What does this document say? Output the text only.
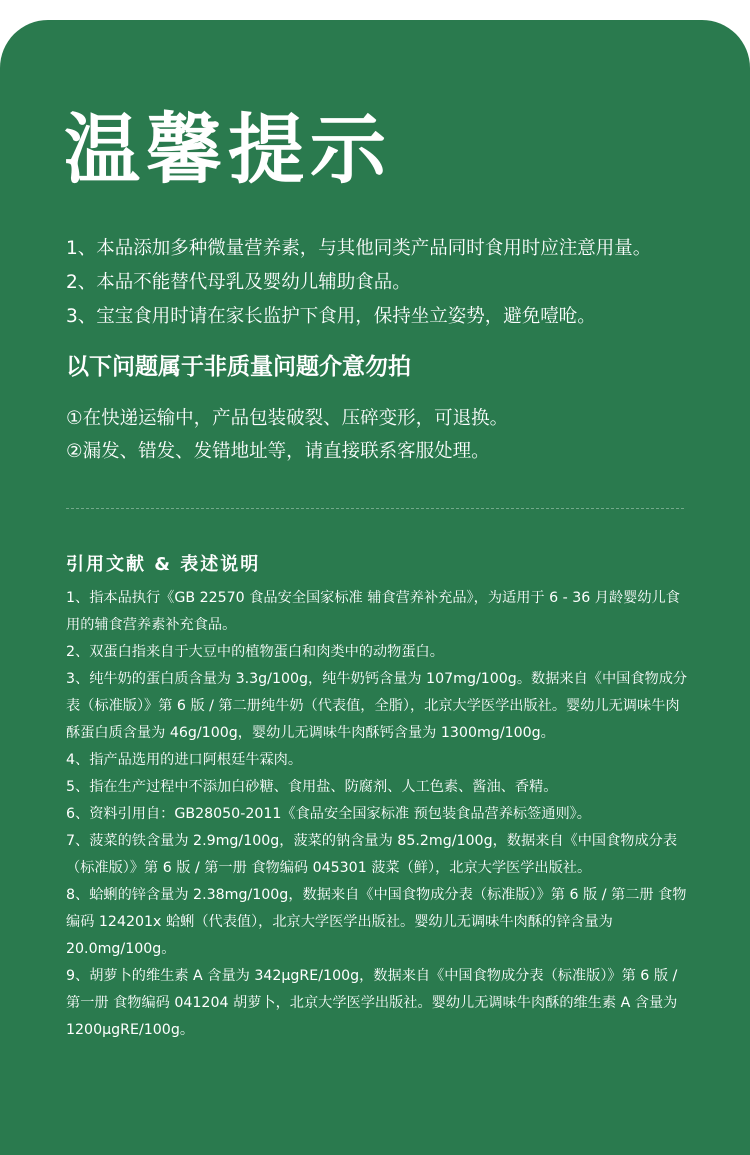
温馨提示
1、本品添加多种微量营养素，与其他同类产品同时食用时应注意用量。
2、本品不能替代母乳及婴幼儿辅助食品。
3、宝宝食用时请在家长监护下食用，保持坐立姿势，避免噎呛。
以下问题属于非质量问题介意勿拍
①在快递运输中，产品包装破裂、压碎变形，可退换。
②漏发、错发、发错地址等，请直接联系客服处理。
引用文献 & 表述说明
1、指本品执行《GB 22570 食品安全国家标准 辅食营养补充品》，为适用于 6 - 36 月龄婴幼儿食用的辅食营养素补充食品。
2、双蛋白指来自于大豆中的植物蛋白和肉类中的动物蛋白。
3、纯牛奶的蛋白质含量为 3.3g/100g，纯牛奶钙含量为 107mg/100g。数据来自《中国食物成分表（标准版）》第 6 版 / 第二册纯牛奶（代表值，全脂），北京大学医学出版社。婴幼儿无调味牛肉酥蛋白质含量为 46g/100g，婴幼儿无调味牛肉酥钙含量为 1300mg/100g。
4、指产品选用的进口阿根廷牛霖肉。
5、指在生产过程中不添加白砂糖、食用盐、防腐剂、人工色素、酱油、香精。
6、资料引用自：GB28050-2011《食品安全国家标准 预包装食品营养标签通则》。
7、菠菜的铁含量为 2.9mg/100g，菠菜的钠含量为 85.2mg/100g，数据来自《中国食物成分表（标准版）》第 6 版 / 第一册 食物编码 045301 菠菜（鲜），北京大学医学出版社。
8、蛤蜊的锌含量为 2.38mg/100g，数据来自《中国食物成分表（标准版）》第 6 版 / 第二册 食物编码 124201x 蛤蜊（代表值），北京大学医学出版社。婴幼儿无调味牛肉酥的锌含量为 20.0mg/100g。
9、胡萝卜的维生素 A 含量为 342μgRE/100g，数据来自《中国食物成分表（标准版）》第 6 版 / 第一册 食物编码 041204 胡萝卜，北京大学医学出版社。婴幼儿无调味牛肉酥的维生素 A 含量为 1200μgRE/100g。
